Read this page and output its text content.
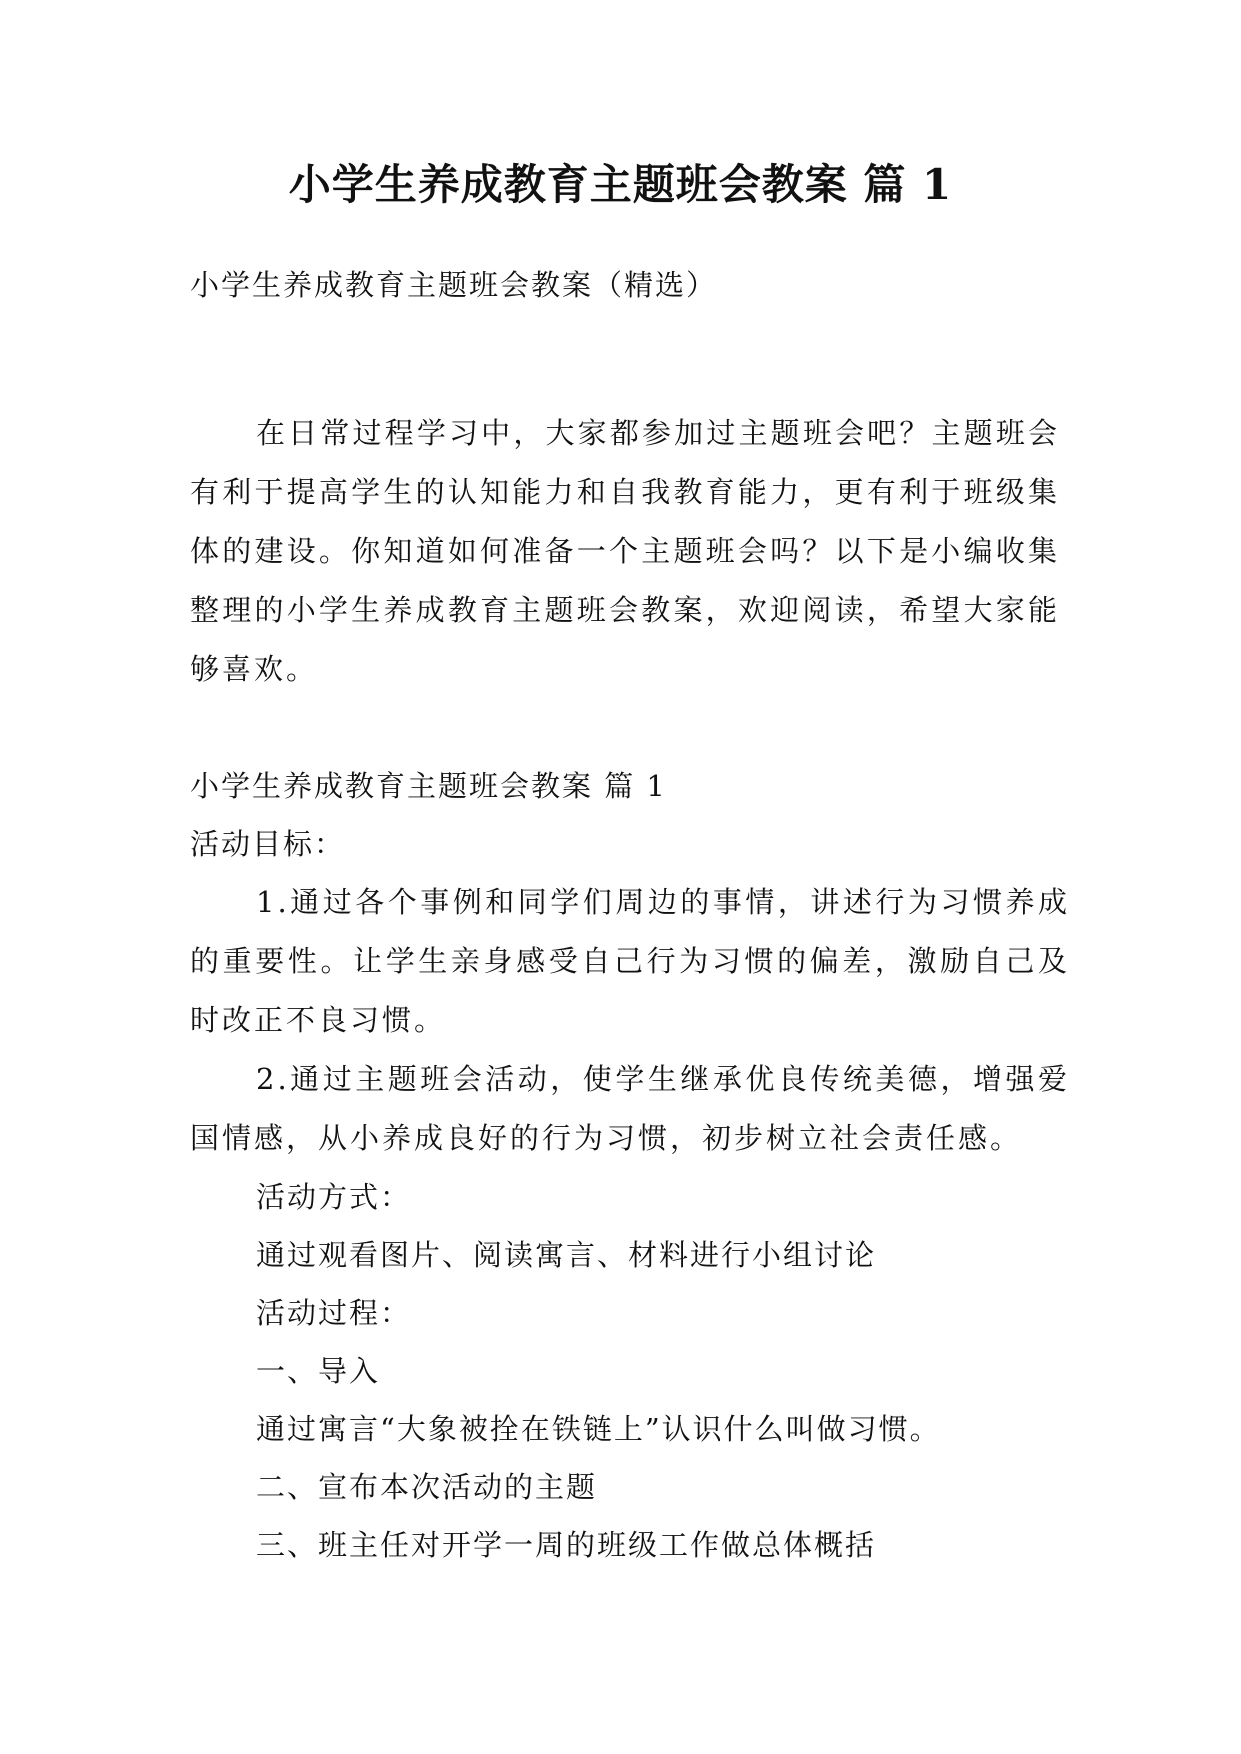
小学生养成教育主题班会教案 篇 1
小学生养成教育主题班会教案（精选）

在日常过程学习中，大家都参加过主题班会吧？主题班会有利于提高学生的认知能力和自我教育能力，更有利于班级集体的建设。你知道如何准备一个主题班会吗？以下是小编收集整理的小学生养成教育主题班会教案，欢迎阅读，希望大家能够喜欢。

小学生养成教育主题班会教案 篇 1

活动目标：

1.通过各个事例和同学们周边的事情，讲述行为习惯养成的重要性。让学生亲身感受自己行为习惯的偏差，激励自己及时改正不良习惯。

2.通过主题班会活动，使学生继承优良传统美德，增强爱国情感，从小养成良好的行为习惯，初步树立社会责任感。

活动方式：

通过观看图片、阅读寓言、材料进行小组讨论

活动过程：

一、导入

通过寓言“大象被拴在铁链上”认识什么叫做习惯。

二、宣布本次活动的主题

三、班主任对开学一周的班级工作做总体概括
